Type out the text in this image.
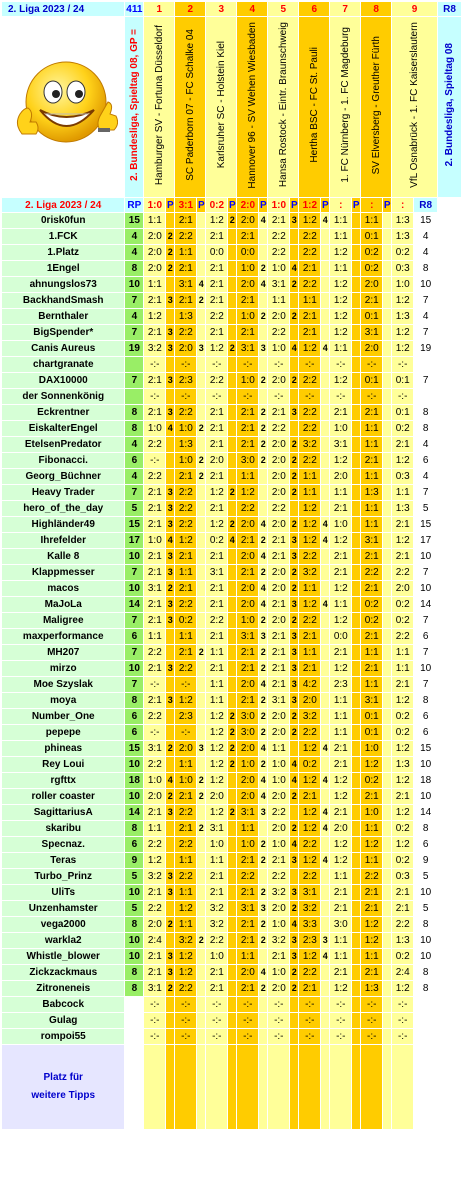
2. Liga 2023 / 24	411	1		2		3		4		5		6		7		8		9		R8
	2. Bundesliga, Spieltag 08, GP =	Hamburger SV - Fortuna Düsseldorf		SC Paderborn 07 - FC Schalke 04		Karlsruher SC - Holstein Kiel		Hannover 96 - SV Wehen Wiesbaden		Hansa Rostock - Eintr. Braunschweig		Hertha BSC - FC St. Pauli		1. FC Nürnberg - 1. FC Magdeburg		SV Elversberg - Greuther Fürth		VfL Osnabrück - 1. FC Kaiserslautern		2. Bundesliga, Spieltag 08
2. Liga 2023 / 24	RP	1:0	P	3:1	P	0:2	P	2:0	P	1:0	P	1:2	P	:	P	:	P	:	R8	
0risk0fun	15	1:1		2:1		1:2	2	2:0	4	2:1	3	1:2	4	1:1		1:1		1:3	15	
1.FCK	4	2:0	2	2:2		2:1		2:1		2:2		2:2		1:1		0:1		1:3	4	
1.Platz	4	2:0	2	1:1		0:0		0:0		2:2		2:2		1:2		0:2		0:2	4	
1Engel	8	2:0	2	2:1		2:1		1:0	2	1:0	4	2:1		1:1		0:2		0:3	8	
ahnungslos73	10	1:1		3:1	4	2:1		2:0	4	3:1	2	2:2		1:2		2:0		1:0	10	
BackhandSmash	7	2:1	3	2:1	2	2:1		2:1		1:1		1:1		1:2		2:1		1:2	7	
Bernthaler	4	1:2		1:3		2:2		1:0	2	2:0	2	2:1		1:2		0:1		1:3	4	
BigSpender*	7	2:1	3	2:2		2:1		2:1		2:2		2:1		1:2		3:1		1:2	7	
Canis Aureus	19	3:2	3	2:0	3	1:2	2	3:1	3	1:0	4	1:2	4	1:1		2:0		1:2	19	
chartgranate		-:-		-:-		-:-		-:-		-:-		-:-		-:-		-:-		-:-		
DAX10000	7	2:1	3	2:3		2:2		1:0	2	2:0	2	2:2		1:2		0:1		0:1	7	
der Sonnenkönig		-:-		-:-		-:-		-:-		-:-		-:-		-:-		-:-		-:-		
Eckrentner	8	2:1	3	2:2		2:1		2:1	2	2:1	3	2:2		2:1		2:1		0:1	8	
EiskalterEngel	8	1:0	4	1:0	2	2:1		2:1	2	2:2		2:2		1:0		1:1		0:2	8	
EtelsenPredator	4	2:2		1:3		2:1		2:1	2	2:0	2	3:2		3:1		1:1		2:1	4	
Fibonacci.	6	-:-		1:0	2	2:0		3:0	2	2:0	2	2:2		1:2		2:1		1:2	6	
Georg_Büchner	4	2:2		2:1	2	2:1		1:1		2:0	2	1:1		2:0		1:1		0:3	4	
Heavy Trader	7	2:1	3	2:2		1:2	2	1:2		2:0	2	1:1		1:1		1:3		1:1	7	
hero_of_the_day	5	2:1	3	2:2		2:1		2:2		2:2		1:2		2:1		1:1		1:3	5	
Highländer49	15	2:1	3	2:2		1:2	2	2:0	4	2:0	2	1:2	4	1:0		1:1		2:1	15	
Ihrefelder	17	1:0	4	1:2		0:2	4	2:1	2	2:1	3	1:2	4	1:2		3:1		1:2	17	
Kalle 8	10	2:1	3	2:1		2:1		2:0	4	2:1	3	2:2		2:1		2:1		2:1	10	
Klappmesser	7	2:1	3	1:1		3:1		2:1	2	2:0	2	3:2		2:1		2:2		2:2	7	
macos	10	3:1	2	2:1		2:1		2:0	4	2:0	2	1:1		1:2		2:1		2:0	10	
MaJoLa	14	2:1	3	2:2		2:1		2:0	4	2:1	3	1:2	4	1:1		0:2		0:2	14	
Maligree	7	2:1	3	0:2		2:2		1:0	2	2:0	2	2:2		1:2		0:2		0:2	7	
maxperformance	6	1:1		1:1		2:1		3:1	3	2:1	3	2:1		0:0		2:1		2:2	6	
MH207	7	2:2		2:1	2	1:1		2:1	2	2:1	3	1:1		2:1		1:1		1:1	7	
mirzo	10	2:1	3	2:2		2:1		2:1	2	2:1	3	2:1		1:2		2:1		1:1	10	
Moe Szyslak	7	-:-		-:-		1:1		2:0	4	2:1	3	4:2		2:3		1:1		2:1	7	
moya	8	2:1	3	1:2		1:1		2:1	2	3:1	3	2:0		1:1		3:1		1:2	8	
Number_One	6	2:2		2:3		1:2	2	3:0	2	2:0	2	3:2		1:1		0:1		0:2	6	
pepepe	6	-:-		-:-		1:2	2	3:0	2	2:0	2	2:2		1:1		0:1		0:2	6	
phineas	15	3:1	2	2:0	3	1:2	2	2:0	4	1:1		1:2	4	2:1		1:0		1:2	15	
Rey Loui	10	2:2		1:1		1:2	2	1:0	2	1:0	4	0:2		2:1		1:2		1:3	10	
rgfttx	18	1:0	4	1:0	2	1:2		2:0	4	1:0	4	1:2	4	1:2		0:2		1:2	18	
roller coaster	10	2:0	2	2:1	2	2:0		2:0	4	2:0	2	2:1		1:2		2:1		2:1	10	
SagittariusA	14	2:1	3	2:2		1:2	2	3:1	3	2:2		1:2	4	2:1		1:0		1:2	14	
skaribu	8	1:1		2:1	2	3:1		1:1		2:0	2	1:2	4	2:0		1:1		0:2	8	
Specnaz.	6	2:2		2:2		1:0		1:0	2	1:0	4	2:2		1:2		1:2		1:2	6	
Teras	9	1:2		1:1		1:1		2:1	2	2:1	3	1:2	4	1:2		1:1		0:2	9	
Turbo_Prinz	5	3:2	3	2:2		2:1		2:2		2:2		2:2		1:1		2:2		0:3	5	
UliTs	10	2:1	3	1:1		2:1		2:1	2	3:2	3	3:1		2:1		2:1		2:1	10	
Unzenhamster	5	2:2		1:2		3:2		3:1	3	2:0	2	3:2		2:1		2:1		2:1	5	
vega2000	8	2:0	2	1:1		3:2		2:1	2	1:0	4	3:3		3:0		1:2		2:2	8	
warkla2	10	2:4		3:2	2	2:2		2:1	2	3:2	3	2:3	3	1:1		1:2		1:3	10	
Whistle_blower	10	2:1	3	1:2		1:0		1:1		2:1	3	1:2	4	1:1		1:1		0:2	10	
Zickzackmaus	8	2:1	3	1:2		2:1		2:0	4	1:0	2	2:2		2:1		2:1		2:4	8	
Zitroneneis	8	3:1	2	2:2		2:1		2:1	2	2:0	2	2:1		1:2		1:3		1:2	8	
Babcock		-:-		-:-		-:-		-:-		-:-		-:-		-:-		-:-		-:-		
Gulag		-:-		-:-		-:-		-:-		-:-		-:-		-:-		-:-		-:-		
rompoi55		-:-		-:-		-:-		-:-		-:-		-:-		-:-		-:-		-:-		

Platz für
weitere Tipps																				
